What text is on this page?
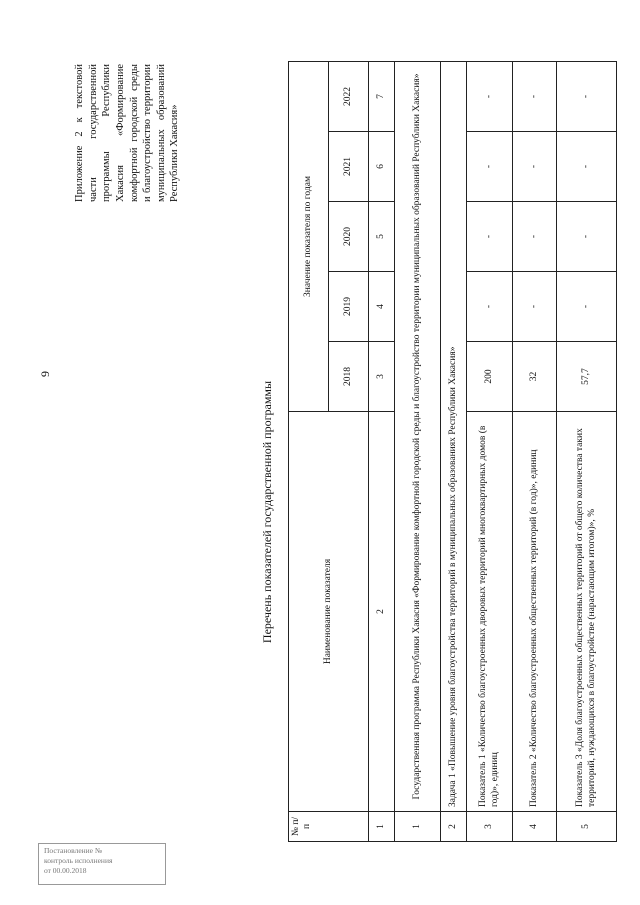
9
Постановление №
контроль исполнения
от 00.00.2018
Приложение 2 к текстовой части государственной программы Республики Хакасия «Формирование комфортной городской среды и благоустройство территории муниципальных образований Республики Хакасия»
Перечень показателей государственной программы
№ п/п	Наименование показателя	Значение показателя по годам				
		2018	2019	2020	2021	2022
1	2	3	4	5	6	7
1	Государственная программа Республики Хакасия «Формирование комфортной городской среды и благоустройство территории муниципальных образований Республики Хакасия»					
2	Задача 1 «Повышение уровня благоустройства территорий в муниципальных образованиях Республики Хакасия»					
3	Показатель 1 «Количество благоустроенных дворовых территорий многоквартирных домов (в год)», единиц	200	-	-	-	-
4	Показатель 2 «Количество благоустроенных общественных территорий (в год)», единиц	32	-	-	-	-
5	Показатель 3 «Доля благоустроенных общественных территорий от общего количества таких территорий, нуждающихся в благоустройстве (нарастающим итогом)», %	57,7	-	-	-	-
